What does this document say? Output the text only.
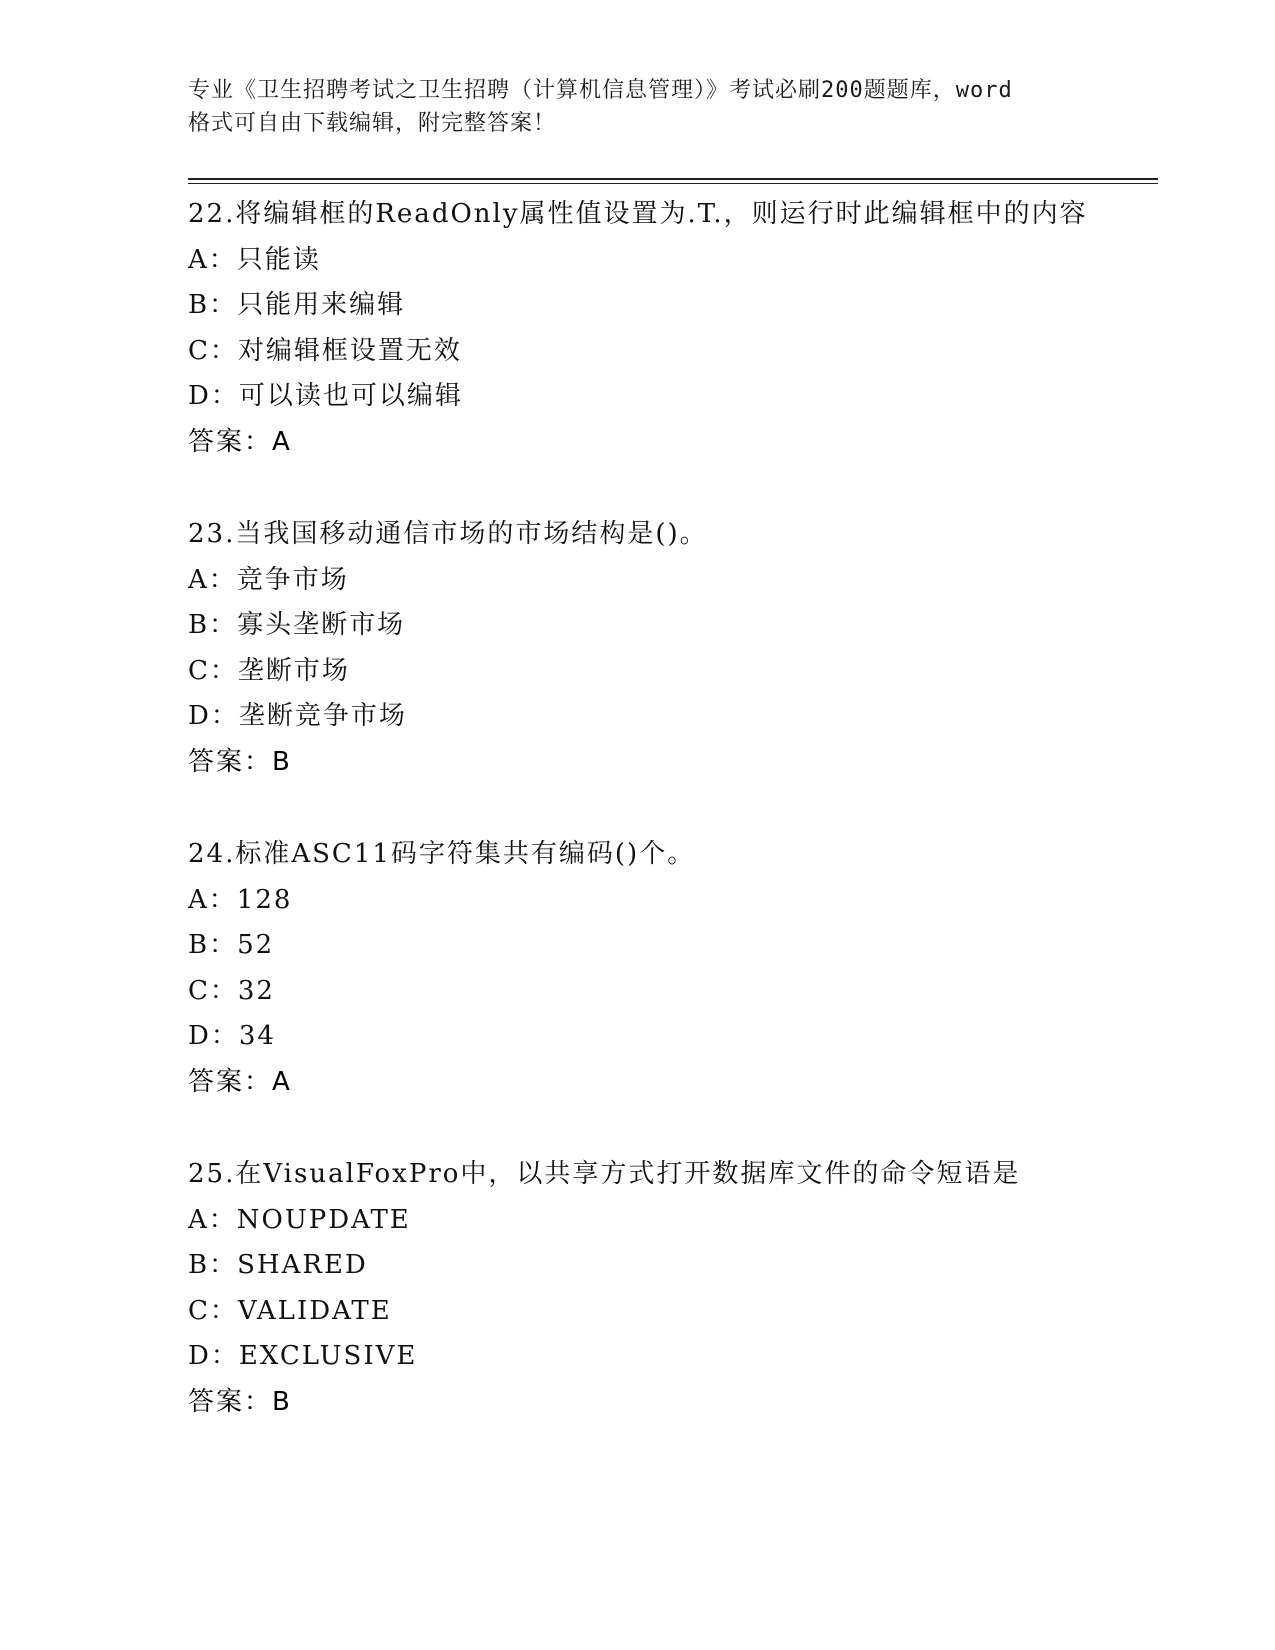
专业《卫生招聘考试之卫生招聘（计算机信息管理）》考试必刷200题题库，word
格式可自由下载编辑，附完整答案！
22.将编辑框的ReadOnly属性值设置为.T.，则运行时此编辑框中的内容
A：只能读
B：只能用来编辑
C：对编辑框设置无效
D：可以读也可以编辑
答案：A
23.当我国移动通信市场的市场结构是()。
A：竞争市场
B：寡头垄断市场
C：垄断市场
D：垄断竞争市场
答案：B
24.标准ASC11码字符集共有编码()个。
A：128
B：52
C：32
D：34
答案：A
25.在VisualFoxPro中，以共享方式打开数据库文件的命令短语是
A：NOUPDATE
B：SHARED
C：VALIDATE
D：EXCLUSIVE
答案：B
